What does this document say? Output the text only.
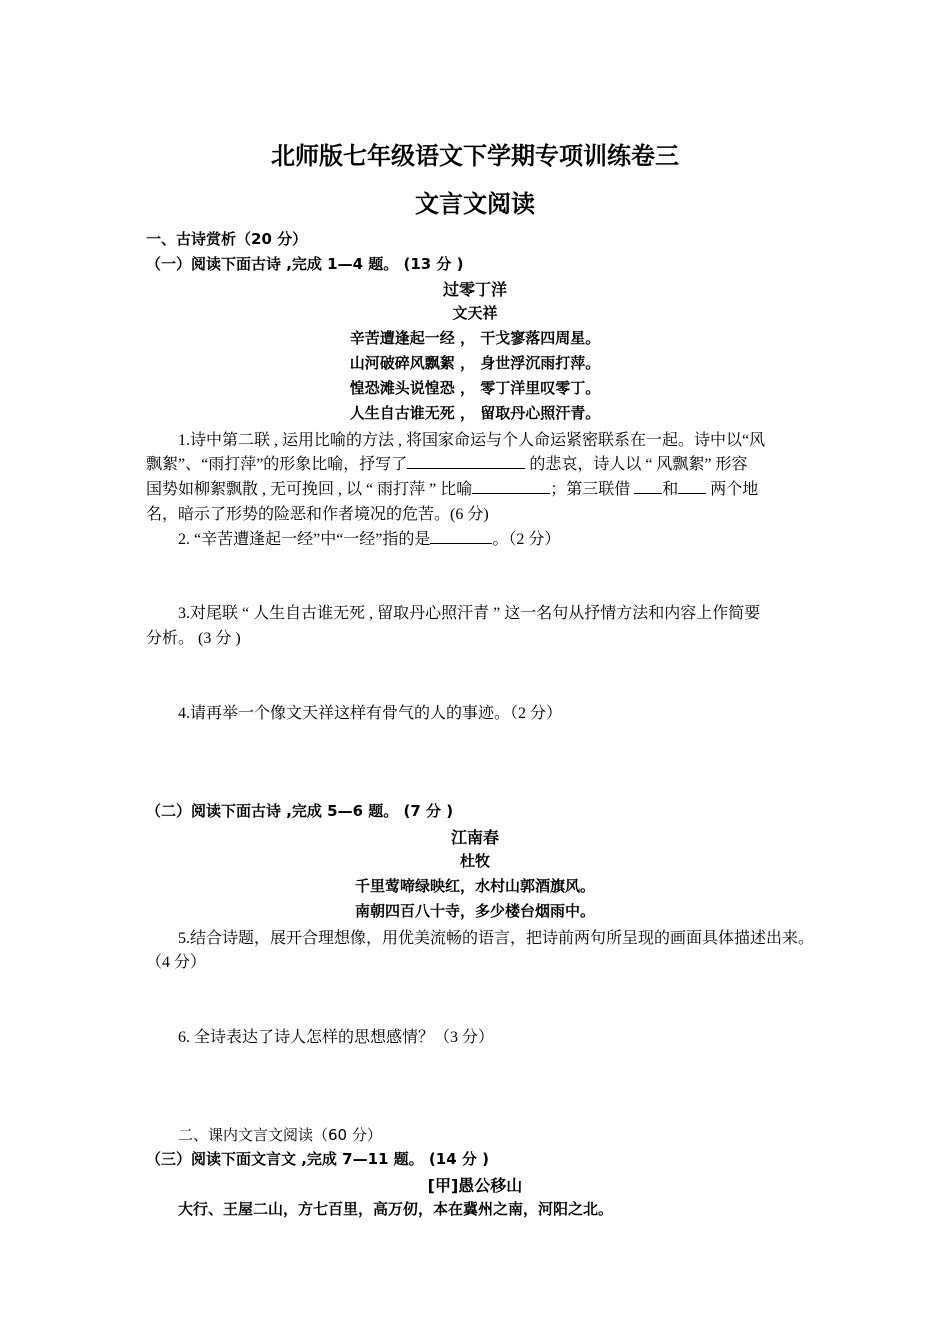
北师版七年级语文下学期专项训练卷三
文言文阅读
一、古诗赏析（20 分）
（一）阅读下面古诗 ,完成 1—4 题。 (13 分 )
过零丁洋
文天祥
辛苦遭逢起一经 ， 干戈寥落四周星。
山河破碎风飘絮 ， 身世浮沉雨打萍。
惶恐滩头说惶恐 ， 零丁洋里叹零丁。
人生自古谁无死 ， 留取丹心照汗青。
1.诗中第二联 , 运用比喻的方法 , 将国家命运与个人命运紧密联系在一起。诗中以“风
飘絮”、“雨打萍”的形象比喻，抒写了	的悲哀，诗人以 “ 风飘絮” 形容
国势如柳絮飘散 , 无可挽回 , 以 “ 雨打萍 ” 比喻	；第三联借 和 两个地
名，暗示了形势的险恶和作者境况的危苦。(6 分)
2. “辛苦遭逢起一经”中“一经”指的是	。（2 分）
3.对尾联 “ 人生自古谁无死 , 留取丹心照汗青 ” 这一名句从抒情方法和内容上作简要
分析。 (3 分 )
4.请再举一个像文天祥这样有骨气的人的事迹。（2 分）
（二）阅读下面古诗 ,完成 5—6 题。 (7 分 )
江南春
杜牧
千里莺啼绿映红，水村山郭酒旗风。
南朝四百八十寺，多少楼台烟雨中。
5.结合诗题，展开合理想像，用优美流畅的语言，把诗前两句所呈现的画面具体描述出来。
（4 分）
6. 全诗表达了诗人怎样的思想感情？（3 分）
二、课内文言文阅读（60 分）
（三）阅读下面文言文 ,完成 7—11 题。 (14 分 )
[甲]愚公移山
大行、王屋二山，方七百里，高万仞，本在冀州之南，河阳之北。
